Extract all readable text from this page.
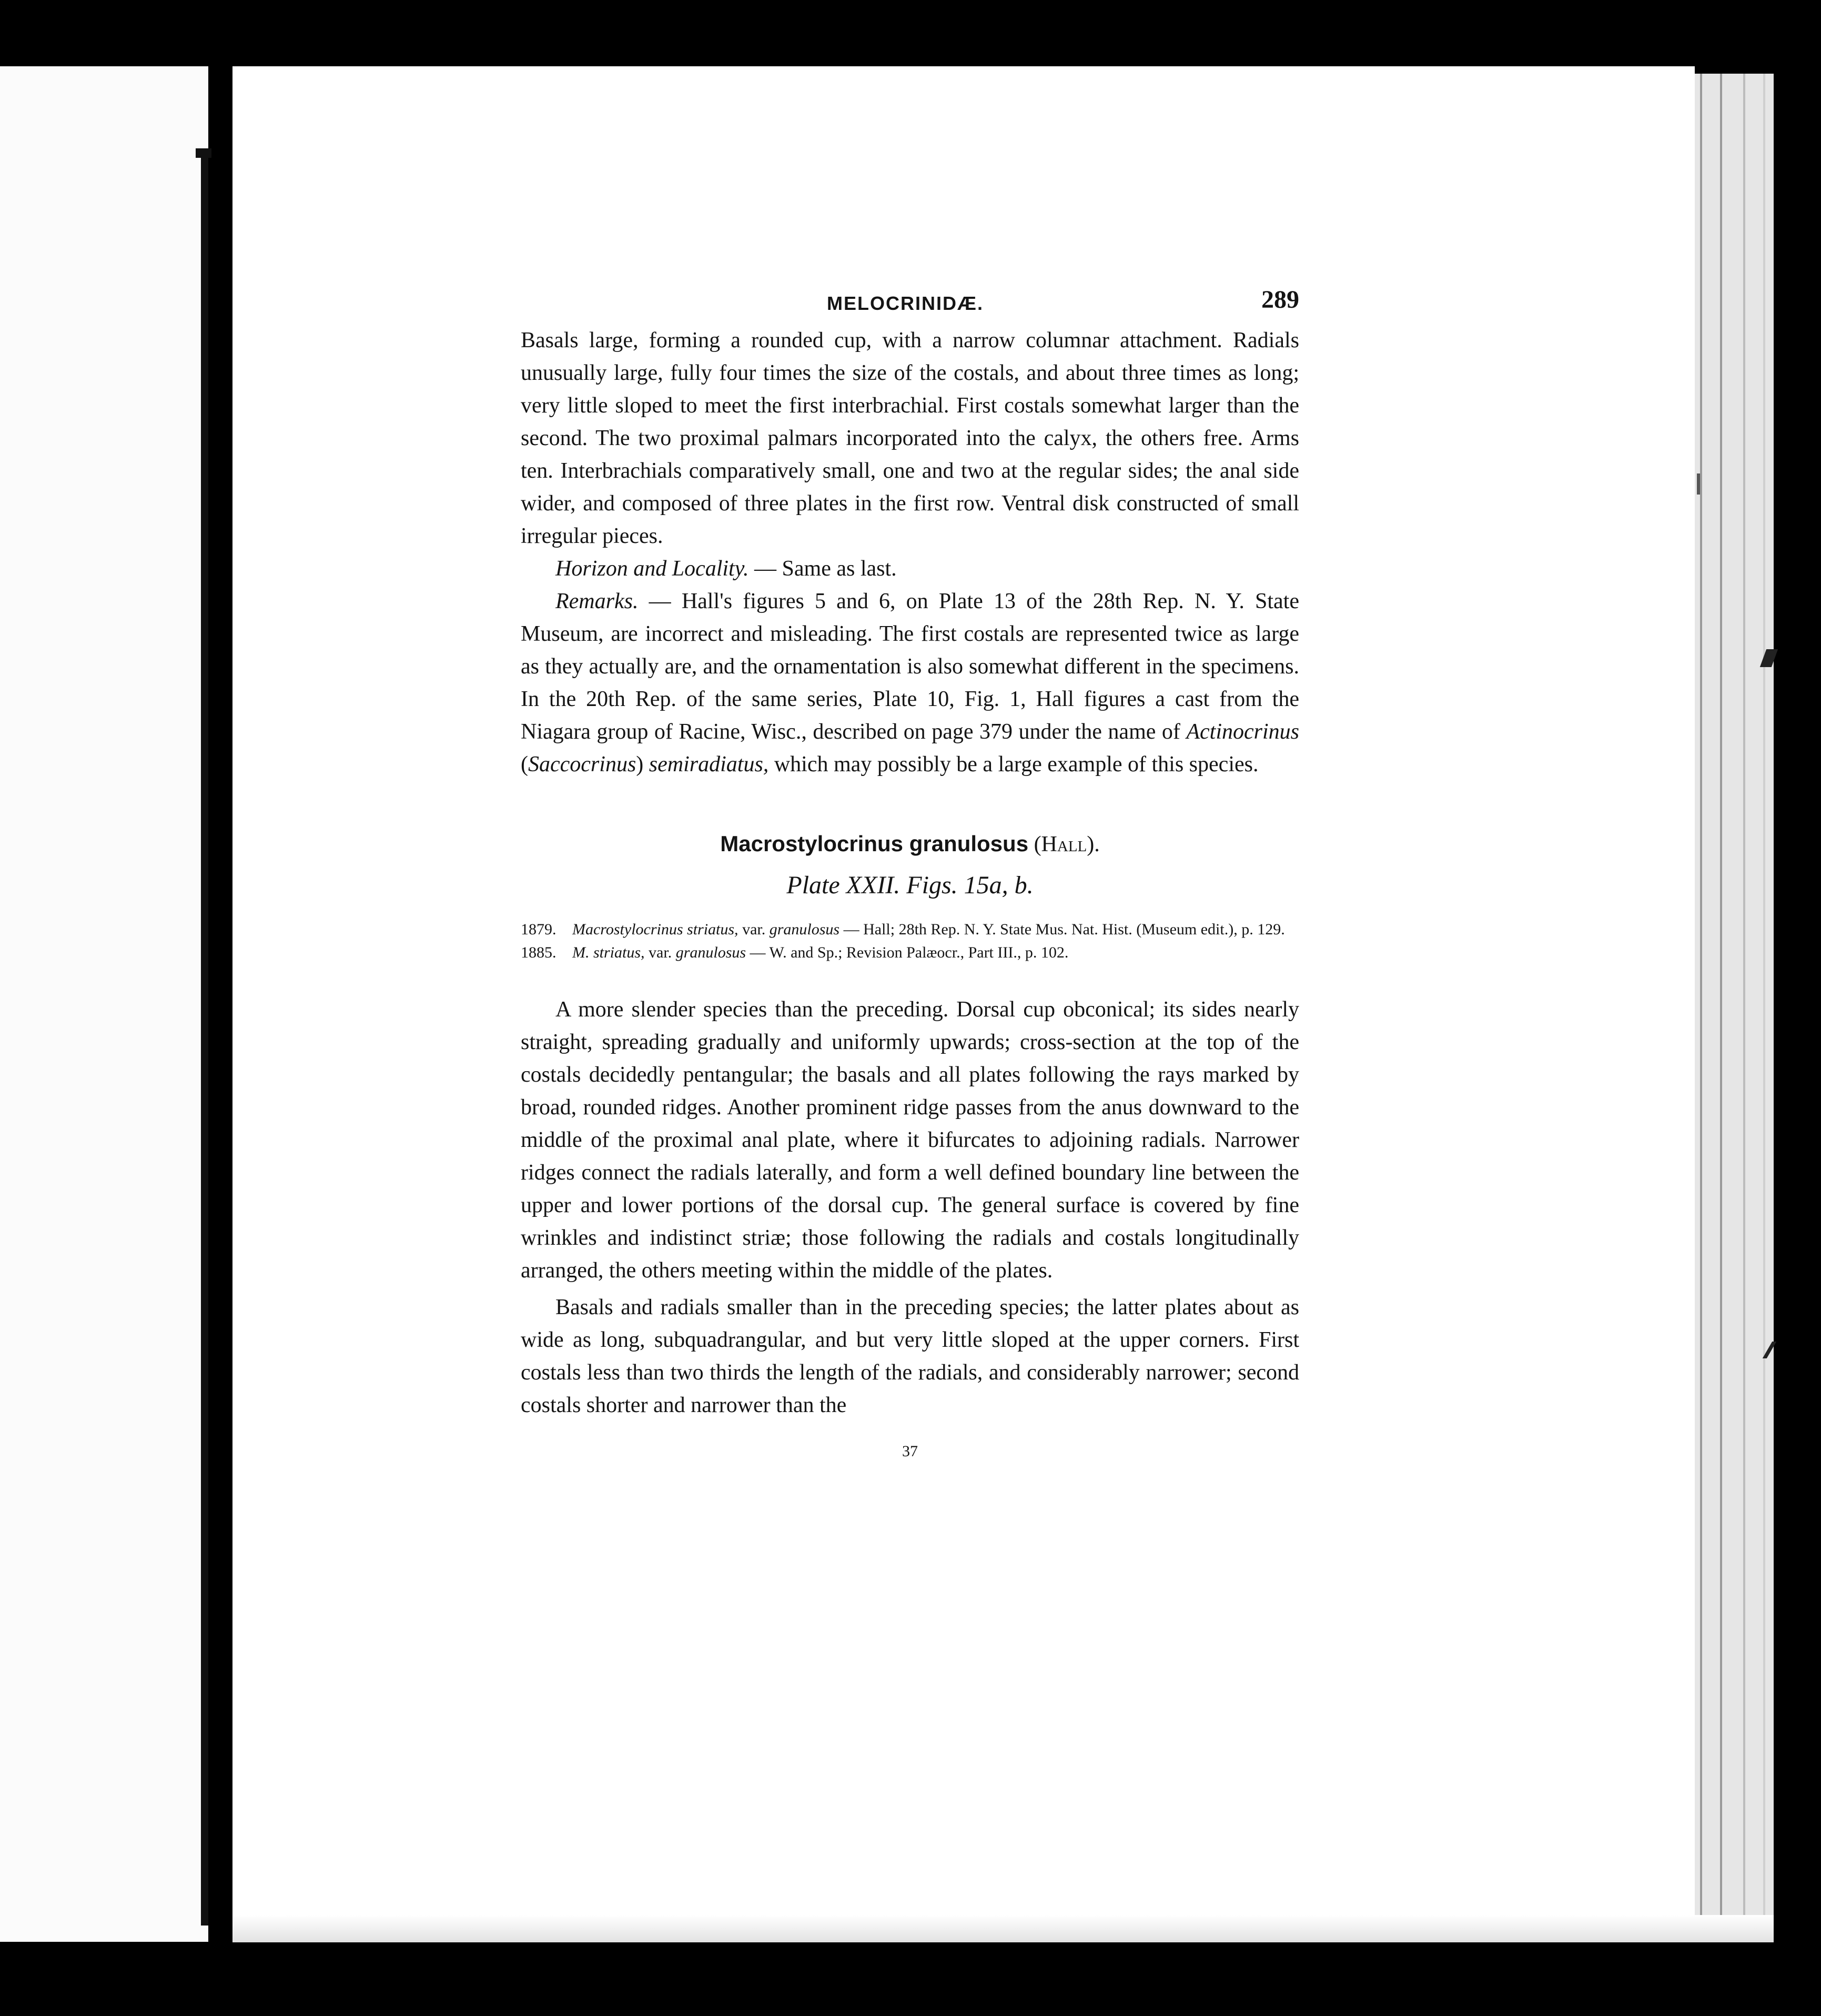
MELOCRINIDÆ.	289

Basals large, forming a rounded cup, with a narrow columnar attachment. Radials unusually large, fully four times the size of the costals, and about three times as long; very little sloped to meet the first interbrachial. First costals somewhat larger than the second. The two proximal palmars incorporated into the calyx, the others free. Arms ten. Interbrachials comparatively small, one and two at the regular sides; the anal side wider, and composed of three plates in the first row. Ventral disk constructed of small irregular pieces.

Horizon and Locality. — Same as last.

Remarks. — Hall's figures 5 and 6, on Plate 13 of the 28th Rep. N. Y. State Museum, are incorrect and misleading. The first costals are represented twice as large as they actually are, and the ornamentation is also somewhat different in the specimens. In the 20th Rep. of the same series, Plate 10, Fig. 1, Hall figures a cast from the Niagara group of Racine, Wisc., described on page 379 under the name of Actinocrinus (Saccocrinus) semiradiatus, which may possibly be a large example of this species.

Macrostylocrinus granulosus (Hall).
Plate XXII. Figs. 15a, b.
1879.	Macrostylocrinus striatus, var. granulosus — Hall; 28th Rep. N. Y. State Mus. Nat. Hist. (Museum edit.), p. 129.
1885.	M. striatus, var. granulosus — W. and Sp.; Revision Palæocr., Part III., p. 102.

A more slender species than the preceding. Dorsal cup obconical; its sides nearly straight, spreading gradually and uniformly upwards; cross-section at the top of the costals decidedly pentangular; the basals and all plates following the rays marked by broad, rounded ridges. Another prominent ridge passes from the anus downward to the middle of the proximal anal plate, where it bifurcates to adjoining radials. Narrower ridges connect the radials laterally, and form a well defined boundary line between the upper and lower portions of the dorsal cup. The general surface is covered by fine wrinkles and indistinct striæ; those following the radials and costals longitudinally arranged, the others meeting within the middle of the plates.

Basals and radials smaller than in the preceding species; the latter plates about as wide as long, subquadrangular, and but very little sloped at the upper corners. First costals less than two thirds the length of the radials, and considerably narrower; second costals shorter and narrower than the

37
